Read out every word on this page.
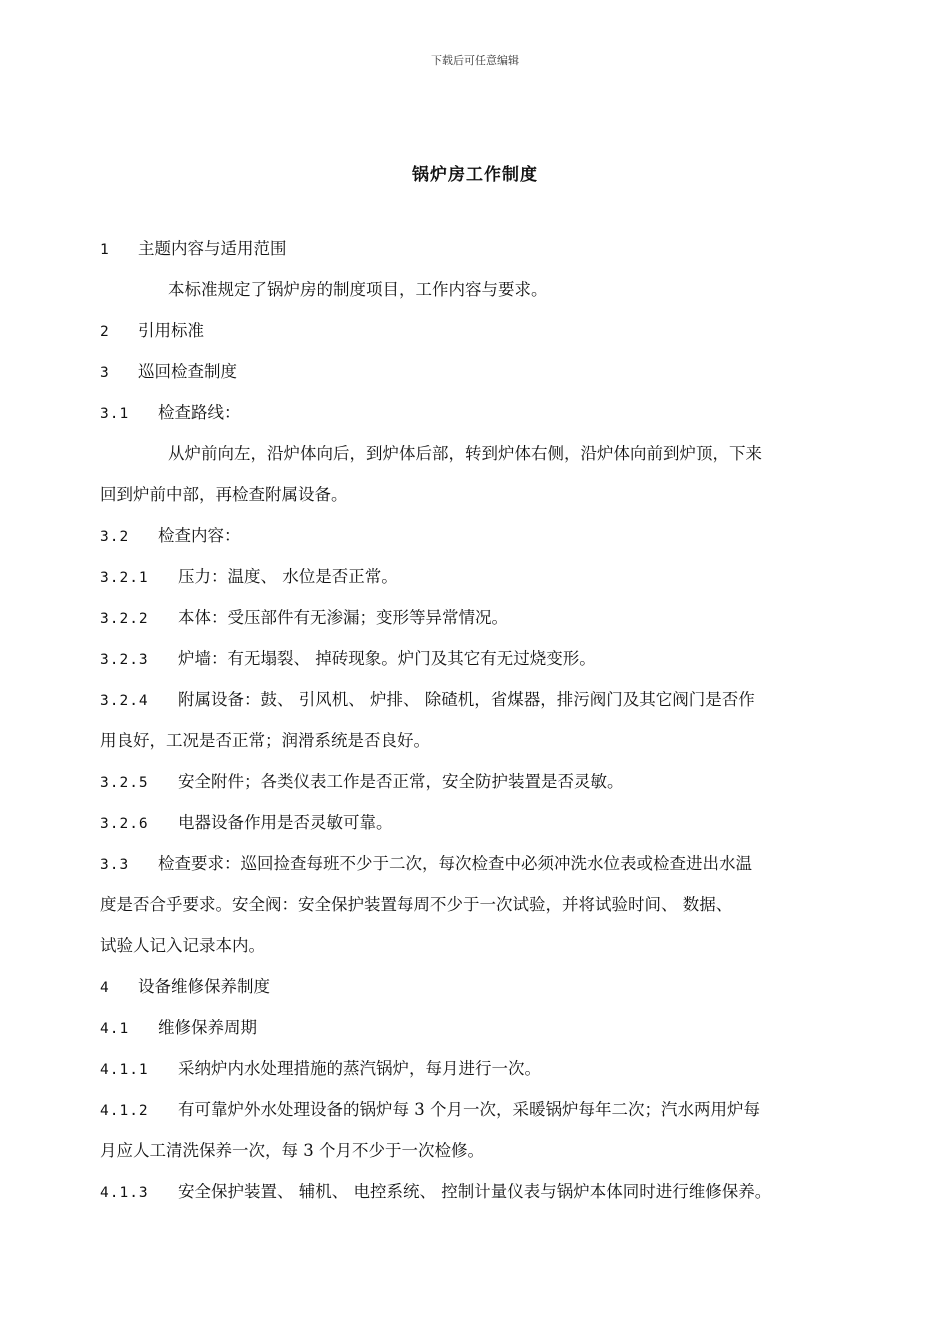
下载后可任意编辑
锅炉房工作制度
1 主题内容与适用范围
本标准规定了锅炉房的制度项目，工作内容与要求。
2 引用标准
3 巡回检查制度
3.1 检查路线：
从炉前向左，沿炉体向后，到炉体后部，转到炉体右侧，沿炉体向前到炉顶，下来
回到炉前中部，再检查附属设备。
3.2 检查内容：
3.2.1 压力：温度、 水位是否正常。
3.2.2 本体：受压部件有无渗漏；变形等异常情况。
3.2.3 炉墙：有无塌裂、 掉砖现象。炉门及其它有无过烧变形。
3.2.4 附属设备：鼓、 引风机、 炉排、 除碴机，省煤器，排污阀门及其它阀门是否作
用良好，工况是否正常；润滑系统是否良好。
3.2.5 安全附件；各类仪表工作是否正常，安全防护装置是否灵敏。
3.2.6 电器设备作用是否灵敏可靠。
3.3 检查要求：巡回捡查每班不少于二次，每次检查中必须冲洗水位表或检查进出水温
度是否合乎要求。安全阀：安全保护装置每周不少于一次试验，并将试验时间、 数据、
试验人记入记录本内。
4 设备维修保养制度
4.1 维修保养周期
4.1.1 采纳炉内水处理措施的蒸汽锅炉，每月进行一次。
4.1.2 有可靠炉外水处理设备的锅炉每 3 个月一次，采暖锅炉每年二次；汽水两用炉每
月应人工清洗保养一次，每 3 个月不少于一次检修。
4.1.3 安全保护装置、 辅机、 电控系统、 控制计量仪表与锅炉本体同时进行维修保养。
